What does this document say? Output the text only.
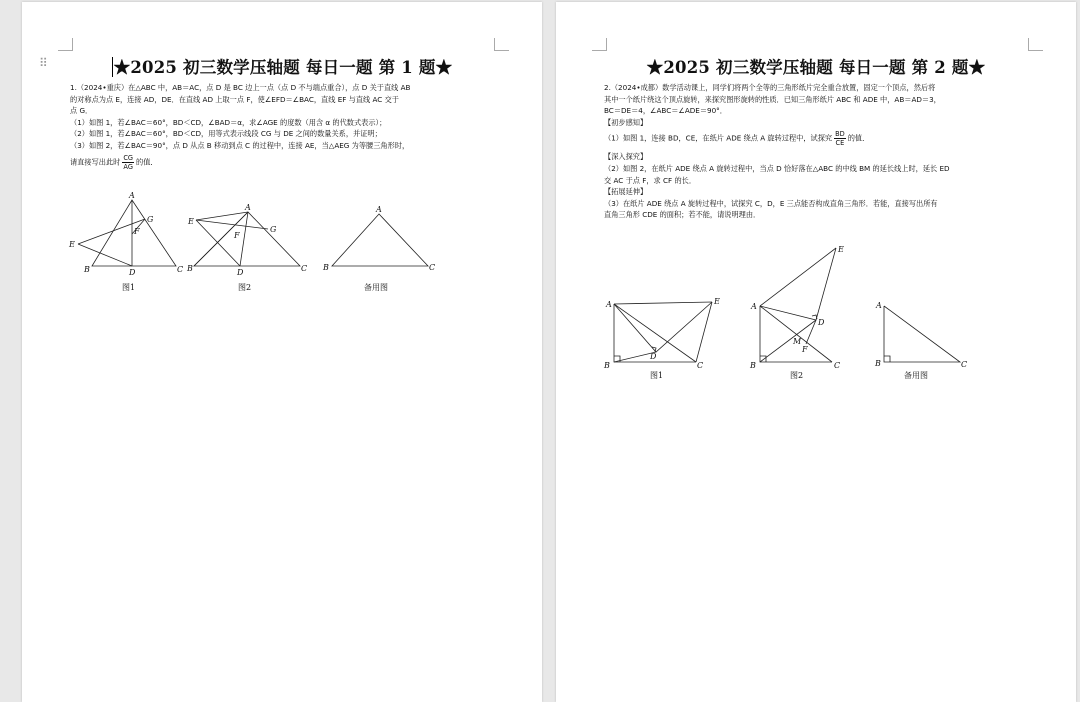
⠿	★2025 初三数学压轴题 每日一题 第 1 题★

1.（2024•重庆）在△ABC 中，AB＝AC，点 D 是 BC 边上一点（点 D 不与端点重合），点 D 关于直线 AB

的对称点为点 E，连接 AD，DE．在直线 AD 上取一点 F，使∠EFD＝∠BAC，直线 EF 与直线 AC 交于

点 G．

（1）如图 1，若∠BAC＝60°，BD＜CD，∠BAD＝α，求∠AGE 的度数（用含 α 的代数式表示）；

（2）如图 1，若∠BAC＝60°，BD＜CD，用等式表示线段 CG 与 DE 之间的数量关系，并证明；

（3）如图 2，若∠BAC＝90°，点 D 从点 B 移动到点 C 的过程中，连接 AE，当△AEG 为等腰三角形时，

请直接写出此时 $\frac{CG}{AG}$ 的值．

A
B	C
D
E
F
G
图1
A
B	C
D
E
F
G
图2
A
B	C
备用图
★2025 初三数学压轴题 每日一题 第 2 题★

2.（2024•成都）数学活动课上，同学们将两个全等的三角形纸片完全重合放置，固定一个顶点，然后将

其中一个纸片绕这个顶点旋转，来探究图形旋转的性质．已知三角形纸片 ABC 和 ADE 中，AB＝AD＝3，

BC＝DE＝4，∠ABC＝∠ADE＝90°．

【初步感知】

（1）如图 1，连接 BD，CE，在纸片 ADE 绕点 A 旋转过程中，试探究 $\frac{BD}{CE}$ 的值．

【深入探究】

（2）如图 2，在纸片 ADE 绕点 A 旋转过程中，当点 D 恰好落在△ABC 的中线 BM 的延长线上时，延长 ED

交 AC 于点 F，求 CF 的长．

【拓展延伸】

（3）在纸片 ADE 绕点 A 旋转过程中，试探究 C，D，E 三点能否构成直角三角形．若能，直接写出所有

直角三角形 CDE 的面积；若不能，请说明理由．

A
B	C
D
E
图1
A
B	C
D
E
F
M
图2
A
B	C
备用图
